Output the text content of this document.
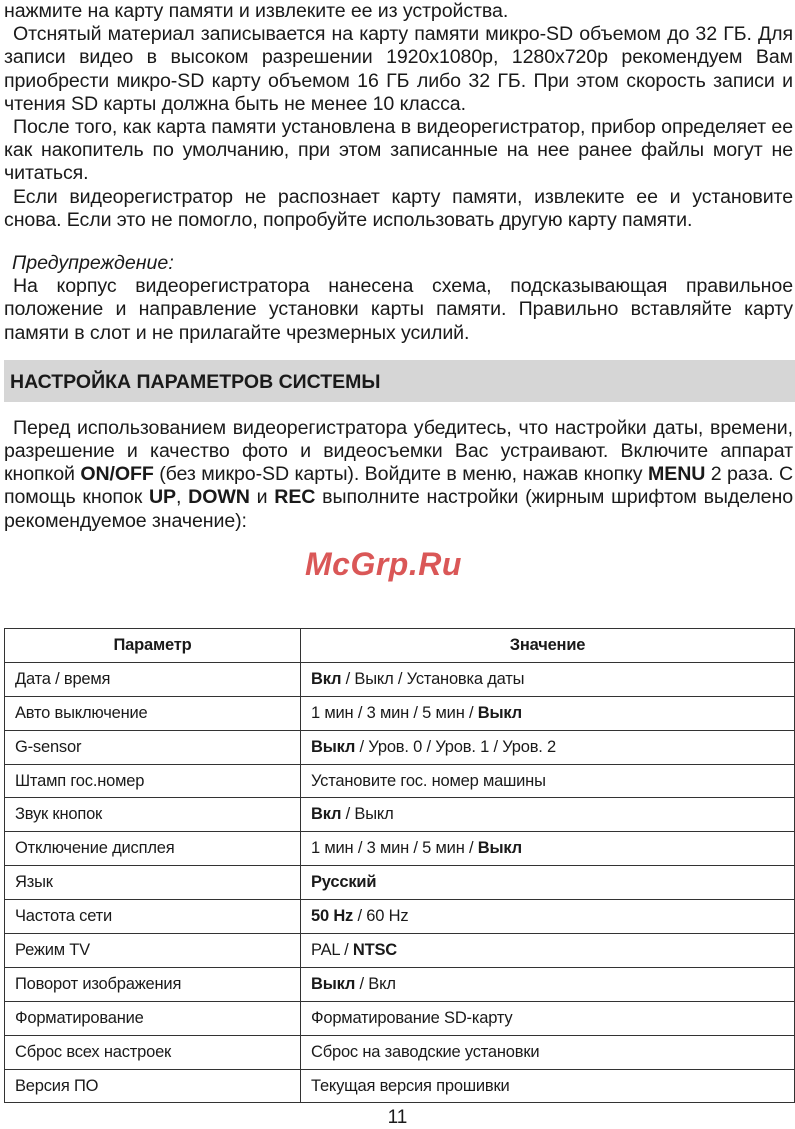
нажмите на карту памяти и извлеките ее из устройства.

Отснятый материал записывается на карту памяти микро-SD объемом до 32 ГБ. Для записи видео в высоком разрешении 1920x1080p, 1280x720p рекомендуем Вам приобрести микро-SD карту объемом 16 ГБ либо 32 ГБ. При этом скорость записи и чтения SD карты должна быть не менее 10 класса.

После того, как карта памяти установлена в видеорегистратор, прибор определяет ее как накопитель по умолчанию, при этом записанные на нее ранее файлы могут не читаться.

Если видеорегистратор не распознает карту памяти, извлеките ее и установите снова. Если это не помогло, попробуйте использовать другую карту памяти.

Предупреждение:

На корпус видеорегистратора нанесена схема, подсказывающая правильное положение и направление установки карты памяти. Правильно вставляйте карту памяти в слот и не прилагайте чрезмерных усилий.

НАСТРОЙКА ПАРАМЕТРОВ СИСТЕМЫ

Перед использованием видеорегистратора убедитесь, что настройки даты, времени, разрешение и качество фото и видеосъемки Вас устраивают. Включите аппарат кнопкой ON/OFF (без микро-SD карты). Войдите в меню, нажав кнопку MENU 2 раза. С помощь кнопок UP, DOWN и REC выполните настройки (жирным шрифтом выделено рекомендуемое значение):

Параметр	Значение
Дата / время	Вкл / Выкл / Установка даты
Авто выключение	1 мин / 3 мин / 5 мин / Выкл
G-sensor	Выкл / Уров. 0 / Уров. 1 / Уров. 2
Штамп гос.номер	Установите гос. номер машины
Звук кнопок	Вкл / Выкл
Отключение дисплея	1 мин / 3 мин / 5 мин / Выкл
Язык	Русский
Частота сети	50 Hz / 60 Hz
Режим TV	PAL / NTSC
Поворот изображения	Выкл / Вкл
Форматирование	Форматирование SD-карту
Сброс всех настроек	Сброс на заводские установки
Версия ПО	Текущая версия прошивки
McGrp.Ru
11
